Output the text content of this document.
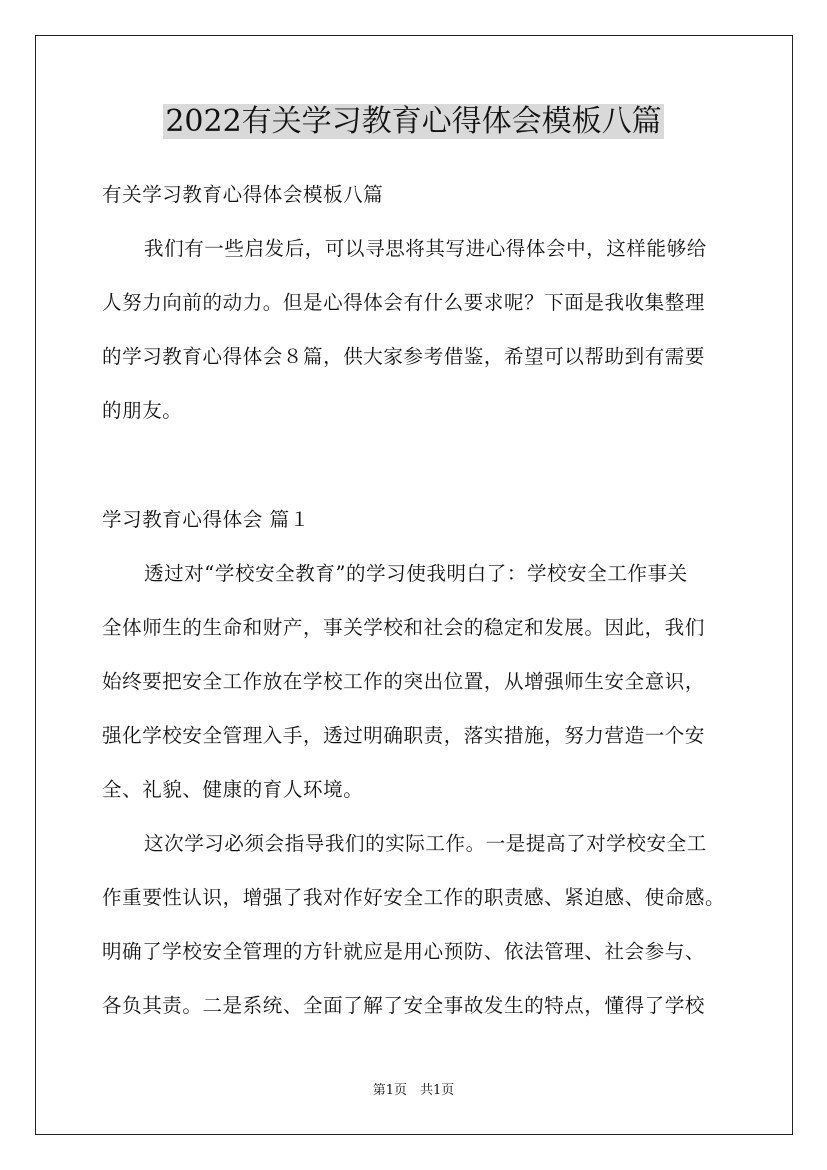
2022有关学习教育心得体会模板八篇
有关学习教育心得体会模板八篇
我们有一些启发后，可以寻思将其写进心得体会中，这样能够给
人努力向前的动力。但是心得体会有什么要求呢？下面是我收集整理
的学习教育心得体会８篇，供大家参考借鉴，希望可以帮助到有需要
的朋友。
学习教育心得体会 篇１
透过对“学校安全教育”的学习使我明白了：学校安全工作事关
全体师生的生命和财产，事关学校和社会的稳定和发展。因此，我们
始终要把安全工作放在学校工作的突出位置，从增强师生安全意识，
强化学校安全管理入手，透过明确职责，落实措施，努力营造一个安
全、礼貌、健康的育人环境。
这次学习必须会指导我们的实际工作。一是提高了对学校安全工
作重要性认识，增强了我对作好安全工作的职责感、紧迫感、使命感。
明确了学校安全管理的方针就应是用心预防、依法管理、社会参与、
各负其责。二是系统、全面了解了安全事故发生的特点，懂得了学校
第1页　共1页
